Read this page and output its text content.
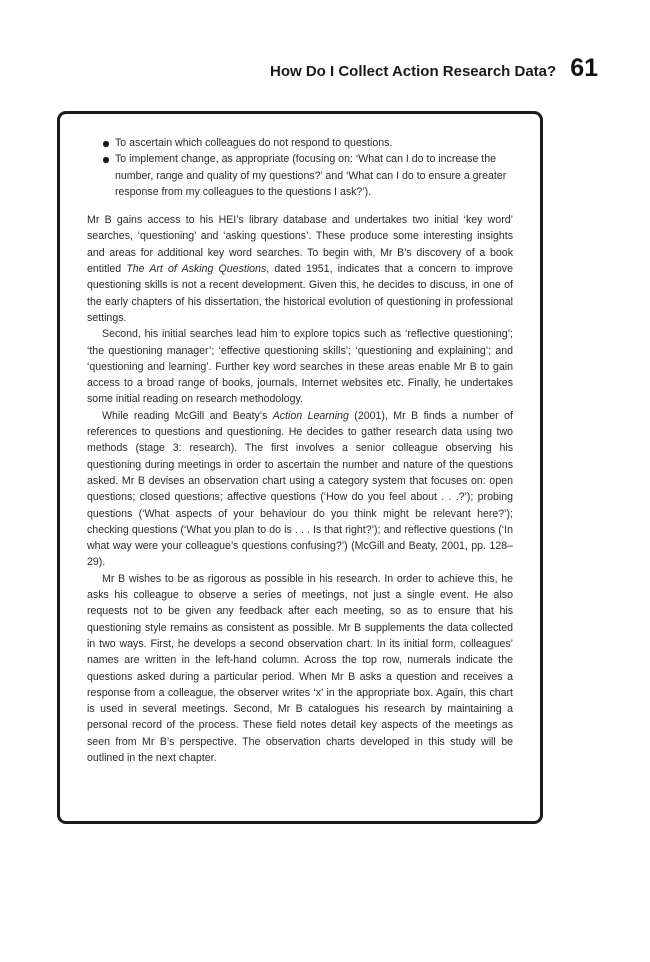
How Do I Collect Action Research Data? 61
To ascertain which colleagues do not respond to questions.
To implement change, as appropriate (focusing on: ‘What can I do to increase the number, range and quality of my questions?’ and ‘What can I do to ensure a greater response from my colleagues to the questions I ask?’).

Mr B gains access to his HEI’s library database and undertakes two initial ‘key word’ searches, ‘questioning’ and ‘asking questions’. These produce some interesting insights and areas for additional key word searches. To begin with, Mr B’s discovery of a book entitled The Art of Asking Questions, dated 1951, indicates that a concern to improve questioning skills is not a recent development. Given this, he decides to discuss, in one of the early chapters of his dissertation, the historical evolution of questioning in professional settings.

Second, his initial searches lead him to explore topics such as ‘reflective questioning’; ‘the questioning manager’; ‘effective questioning skills’; ‘questioning and explaining’; and ‘questioning and learning’. Further key word searches in these areas enable Mr B to gain access to a broad range of books, journals, Internet websites etc. Finally, he undertakes some initial reading on research methodology.

While reading McGill and Beaty’s Action Learning (2001), Mr B finds a number of references to questions and questioning. He decides to gather research data using two methods (stage 3: research). The first involves a senior colleague observing his questioning during meetings in order to ascertain the number and nature of the questions asked. Mr B devises an observation chart using a category system that focuses on: open questions; closed questions; affective questions (‘How do you feel about . . .?’); probing questions (‘What aspects of your behaviour do you think might be relevant here?’); checking questions (‘What you plan to do is . . . Is that right?’); and reflective questions (‘In what way were your colleague’s questions confusing?’) (McGill and Beaty, 2001, pp. 128–29).

Mr B wishes to be as rigorous as possible in his research. In order to achieve this, he asks his colleague to observe a series of meetings, not just a single event. He also requests not to be given any feedback after each meeting, so as to ensure that his questioning style remains as consistent as possible. Mr B supplements the data collected in two ways. First, he develops a second observation chart. In its initial form, colleagues’ names are written in the left-hand column. Across the top row, numerals indicate the questions asked during a particular period. When Mr B asks a question and receives a response from a colleague, the observer writes ‘x’ in the appropriate box. Again, this chart is used in several meetings. Second, Mr B catalogues his research by maintaining a personal record of the process. These field notes detail key aspects of the meetings as seen from Mr B’s perspective. The observation charts developed in this study will be outlined in the next chapter.
